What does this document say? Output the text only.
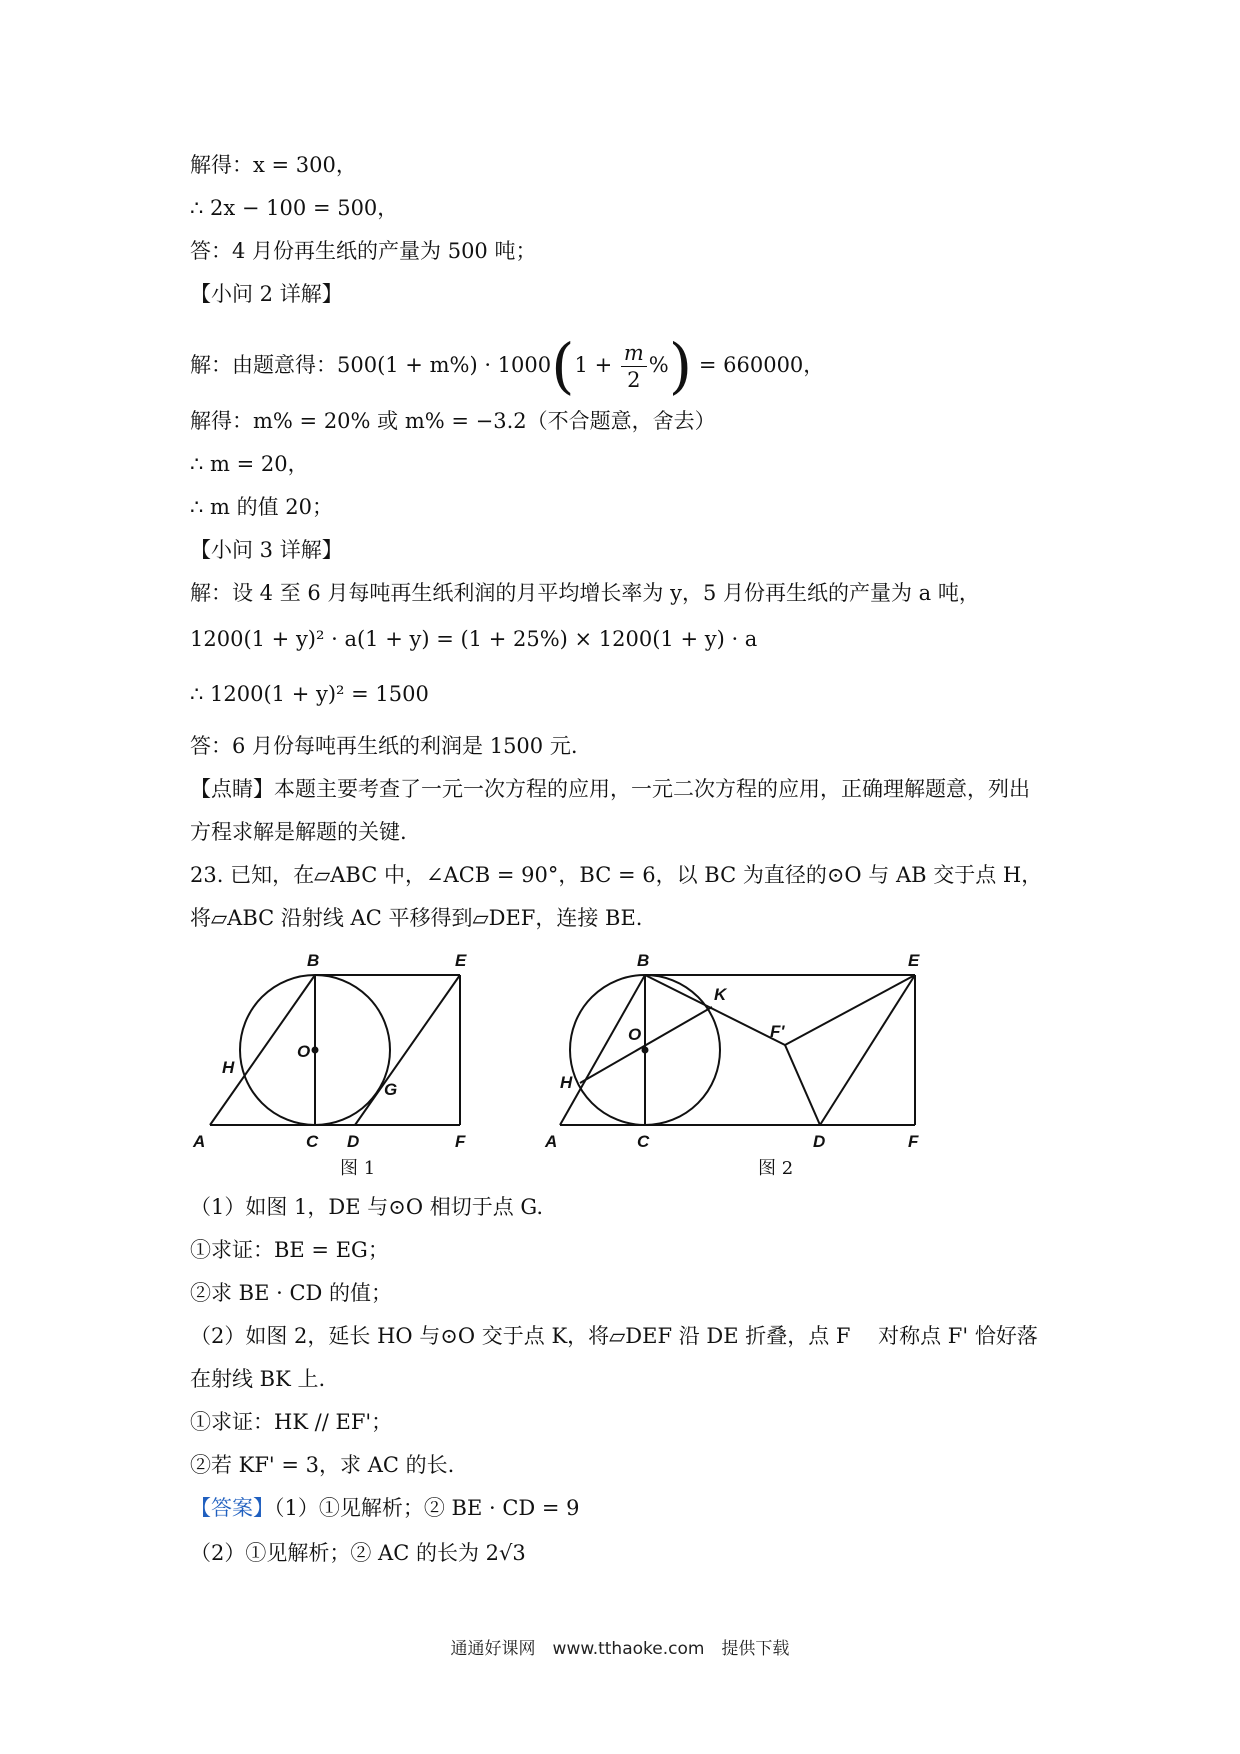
解得：x = 300，
∴ 2x − 100 = 500，
答：4 月份再生纸的产量为 500 吨；
【小问 2 详解】
解：由题意得：$500(1 + m\%) \cdot 1000(1 + \frac{m}{2}$ %) = 660000，
解得：m% = 20% 或 m% = −3.2（不合题意，舍去）
∴ m = 20，
∴ m 的值 20；
【小问 3 详解】
解：设 4 至 6 月每吨再生纸利润的月平均增长率为 y，5 月份再生纸的产量为 a 吨，
1200(1 + y)² · a(1 + y) = (1 + 25%) × 1200(1 + y) · a
∴ 1200(1 + y)² = 1500
答：6 月份每吨再生纸的利润是 1500 元.
【点睛】本题主要考查了一元一次方程的应用，一元二次方程的应用，正确理解题意，列出
方程求解是解题的关键.
23. 已知，在▱ABC 中，∠ACB = 90°，BC = 6，以 BC 为直径的⊙O 与 AB 交于点 H，
将▱ABC 沿射线 AC 平移得到▱DEF，连接 BE.
B	E
O
H
G
A	C D	F
图 1
B	E
K
O	F'
H
A	C	D	F
图 2
（1）如图 1，DE 与⊙O 相切于点 G.
①求证：BE = EG；
②求 BE · CD 的值；
（2）如图 2，延长 HO 与⊙O 交于点 K，将▱DEF 沿 DE 折叠，点 F 　对称点 F' 恰好落
在射线 BK 上.
①求证：HK // EF'；
②若 KF' = 3，求 AC 的长.
【答案】（1）①见解析；② BE · CD = 9
（2）①见解析；② AC 的长为 2√3
通通好课网　www.tthaoke.com　提供下载
